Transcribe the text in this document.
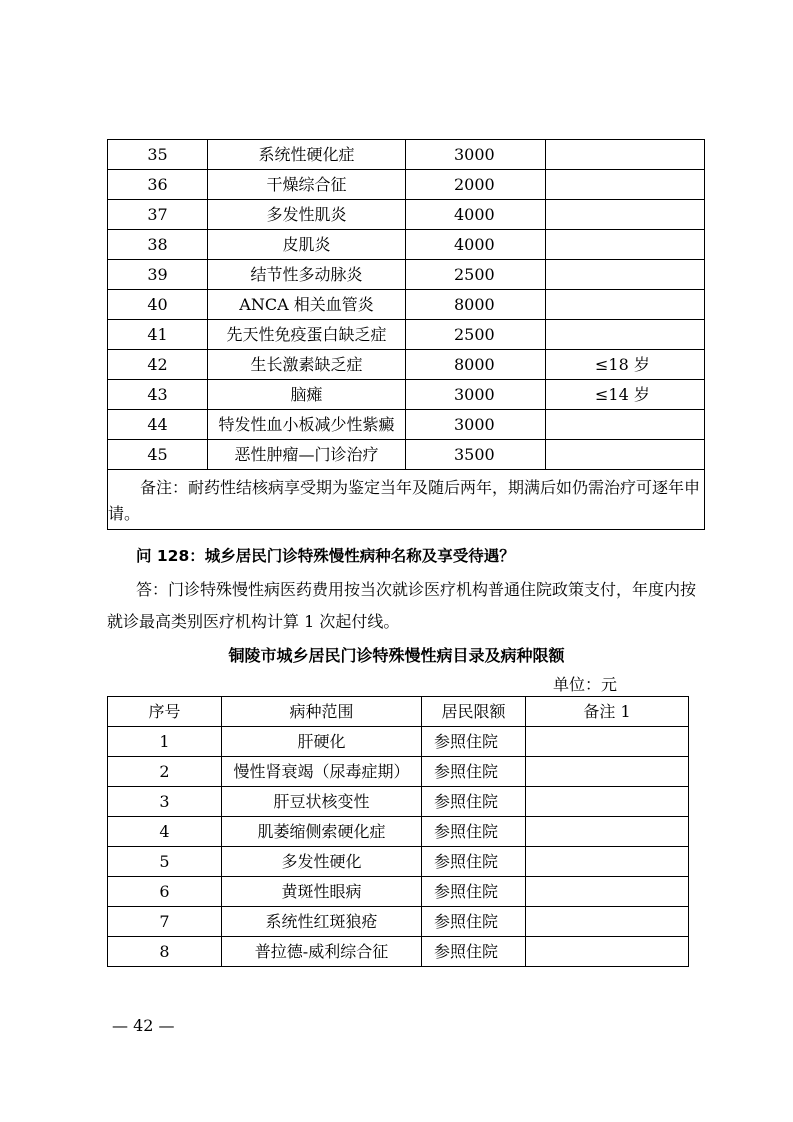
35	系统性硬化症	3000	
36	干燥综合征	2000	
37	多发性肌炎	4000	
38	皮肌炎	4000	
39	结节性多动脉炎	2500	
40	ANCA 相关血管炎	8000	
41	先天性免疫蛋白缺乏症	2500	
42	生长激素缺乏症	8000	≤18 岁
43	脑瘫	3000	≤14 岁
44	特发性血小板减少性紫癜	3000	
45	恶性肿瘤—门诊治疗	3500	
　　备注：耐药性结核病享受期为鉴定当年及随后两年，期满后如仍需治疗可逐年申请。			
问 128：城乡居民门诊特殊慢性病种名称及享受待遇？
答：门诊特殊慢性病医药费用按当次就诊医疗机构普通住院政策支付，年度内按就诊最高类别医疗机构计算 1 次起付线。
铜陵市城乡居民门诊特殊慢性病目录及病种限额
单位：元
序号	病种范围	居民限额	备注 1
1	肝硬化	参照住院	
2	慢性肾衰竭（尿毒症期）	参照住院	
3	肝豆状核变性	参照住院	
4	肌萎缩侧索硬化症	参照住院	
5	多发性硬化	参照住院	
6	黄斑性眼病	参照住院	
7	系统性红斑狼疮	参照住院	
8	普拉德-威利综合征	参照住院	
— 42 —
